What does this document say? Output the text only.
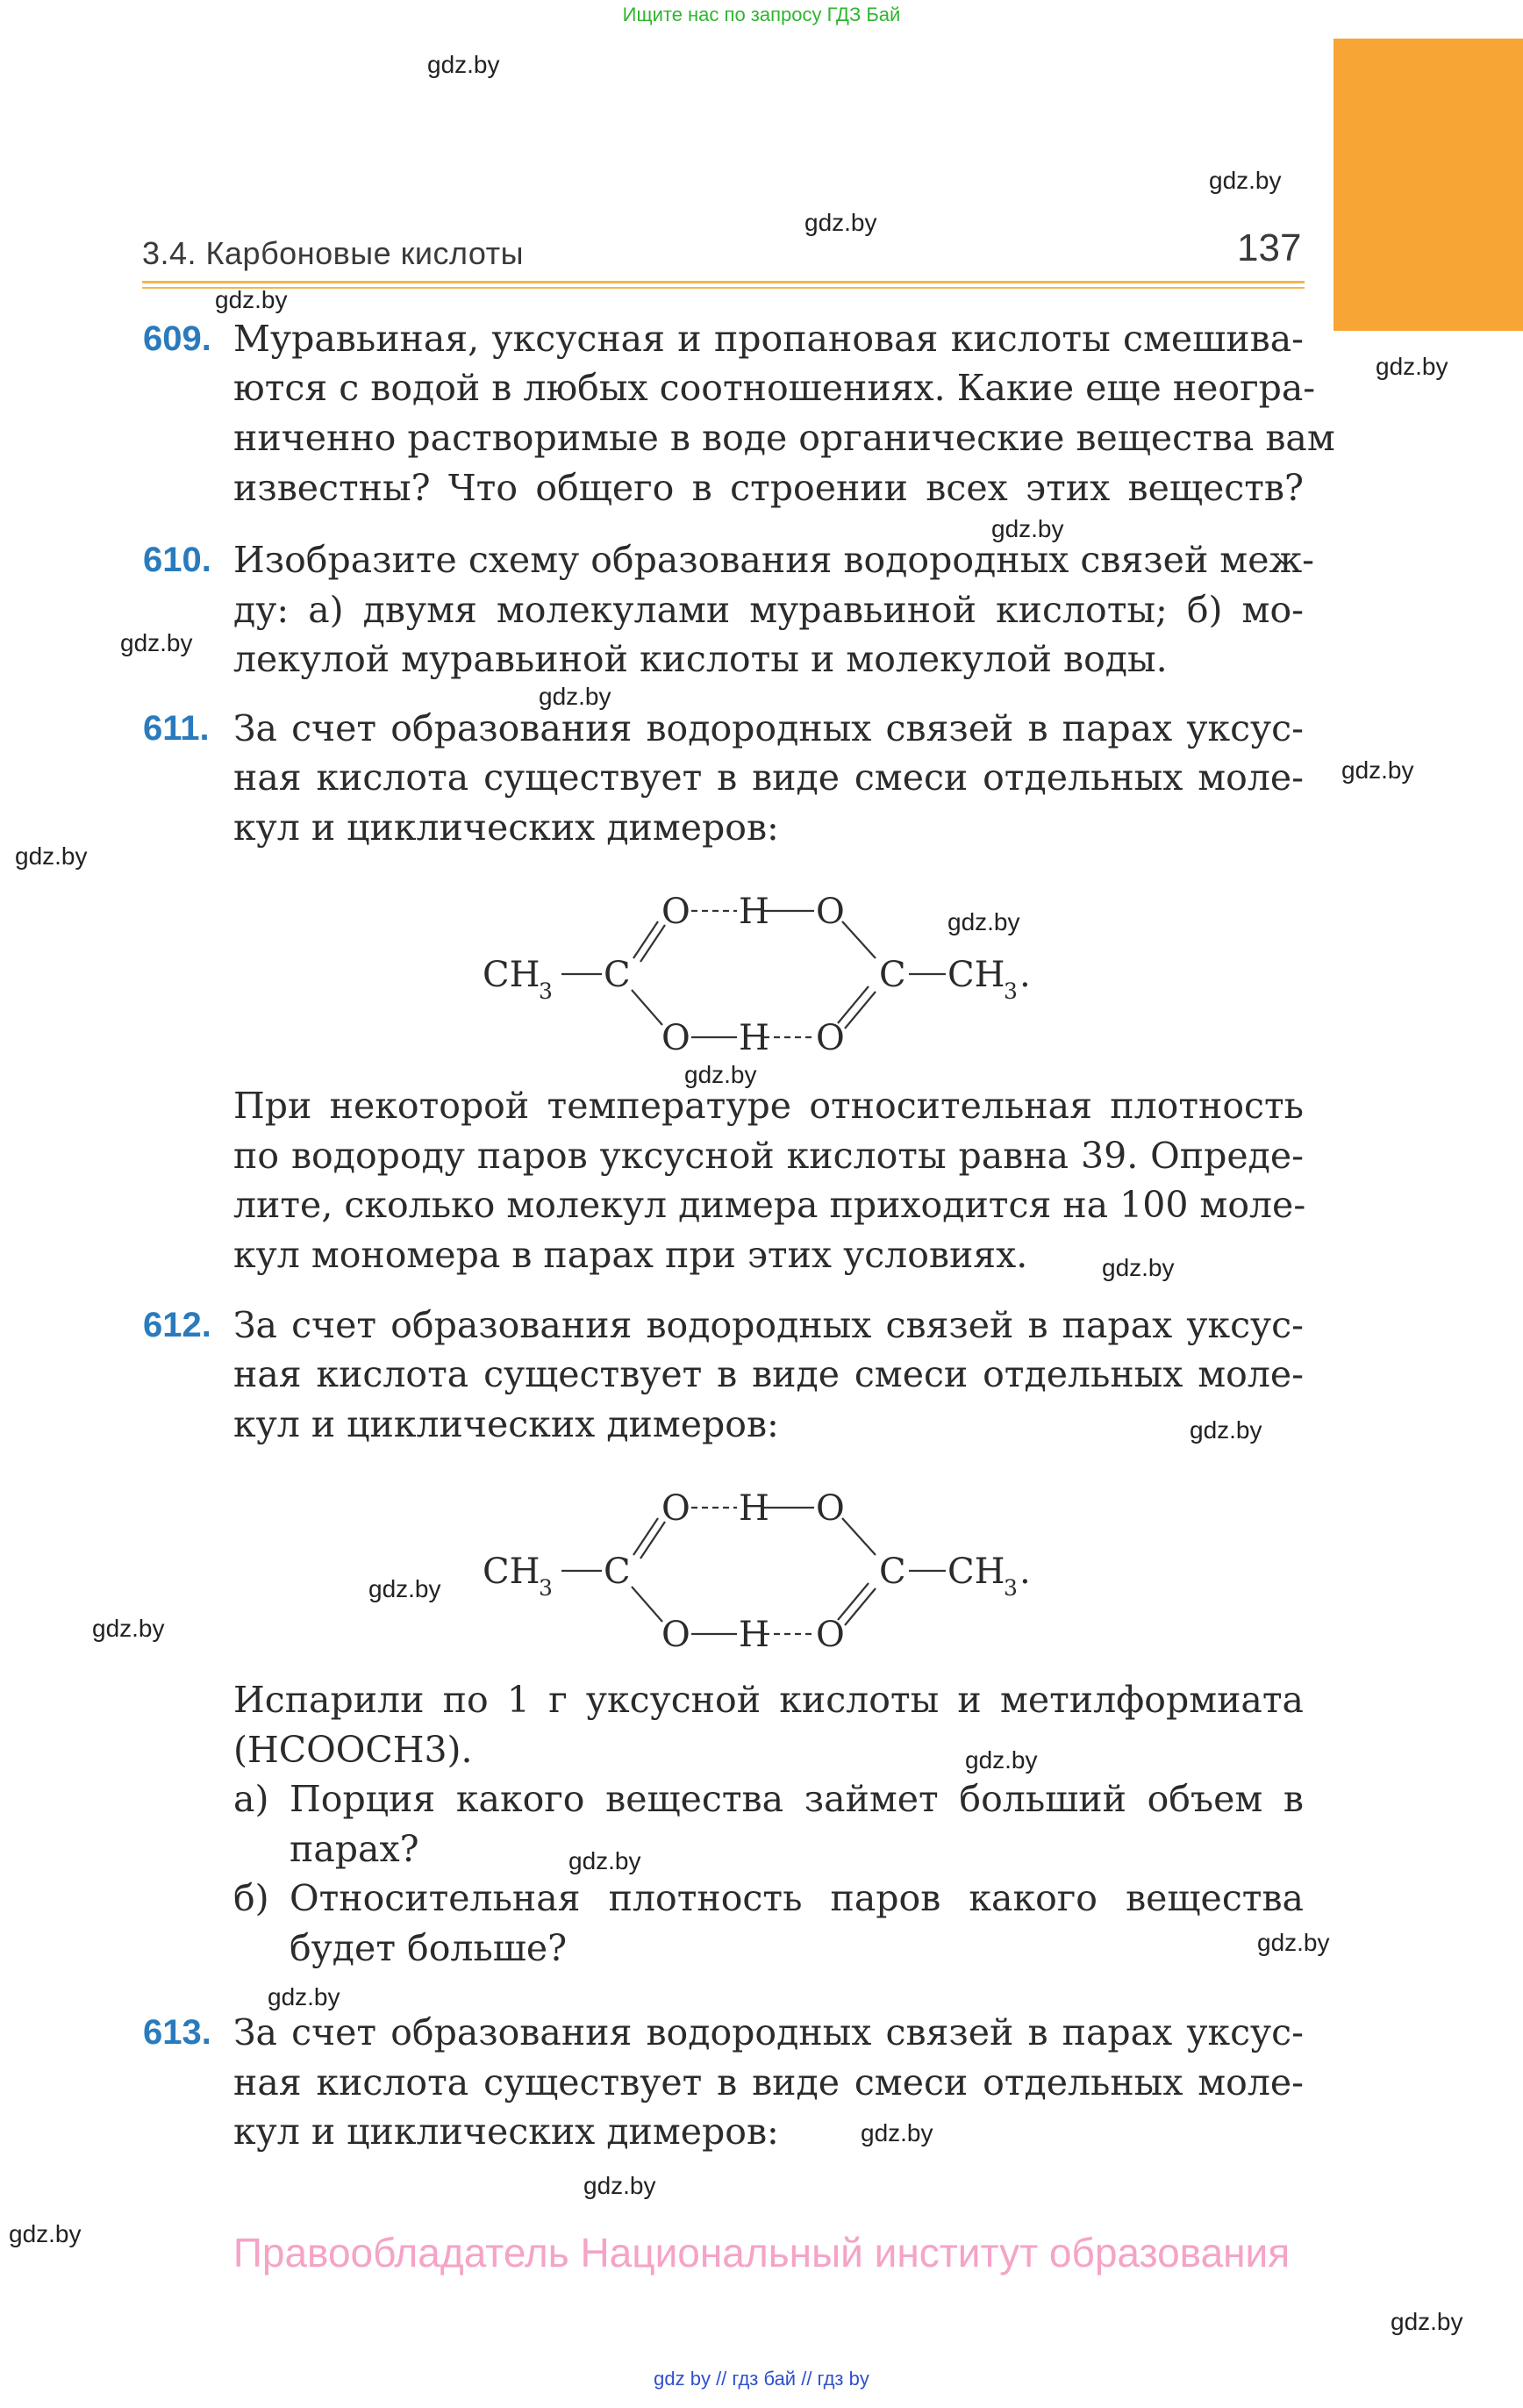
Ищите нас по запросу ГДЗ Бай
3.4. Карбоновые кислоты	137
gdz.by
gdz.by
gdz.by
gdz.by
gdz.by
gdz.by
gdz.by
gdz.by
gdz.by
gdz.by
gdz.by
gdz.by
gdz.by
gdz.by
gdz.by
gdz.by
gdz.by
gdz.by
gdz.by
gdz.by
gdz.by
gdz.by
gdz.by
gdz.by
609. Муравьиная, уксусная и пропановая кислоты смешива-
ются с водой в любых соотношениях. Какие еще неогра-
ниченно растворимые в воде органические вещества вам
известны? Что общего в строении всех этих веществ?
610. Изобразите схему образования водородных связей меж-
ду: а) двумя молекулами муравьиной кислоты; б) мо-
лекулой муравьиной кислоты и молекулой воды.
611. За счет образования водородных связей в парах уксус-
ная кислота существует в виде смеси отдельных моле-
кул и циклических димеров:
CH
3 C
O H O
O H O
C CH
3 .
При некоторой температуре относительная плотность
по водороду паров уксусной кислоты равна 39. Опреде-
лите, сколько молекул димера приходится на 100 моле-
кул мономера в парах при этих условиях.
612. За счет образования водородных связей в парах уксус-
ная кислота существует в виде смеси отдельных моле-
кул и циклических димеров:
CH
3 C
O H O
O H O
C CH
3 .
Испарили по 1 г уксусной кислоты и метилформиата
(HCOOCH3).
а) Порция какого вещества займет больший объем в
парах?
б) Относительная плотность паров какого вещества
будет больше?
613. За счет образования водородных связей в парах уксус-
ная кислота существует в виде смеси отдельных моле-
кул и циклических димеров:
Правообладатель Национальный институт образования
gdz by // гдз бай // гдз by
